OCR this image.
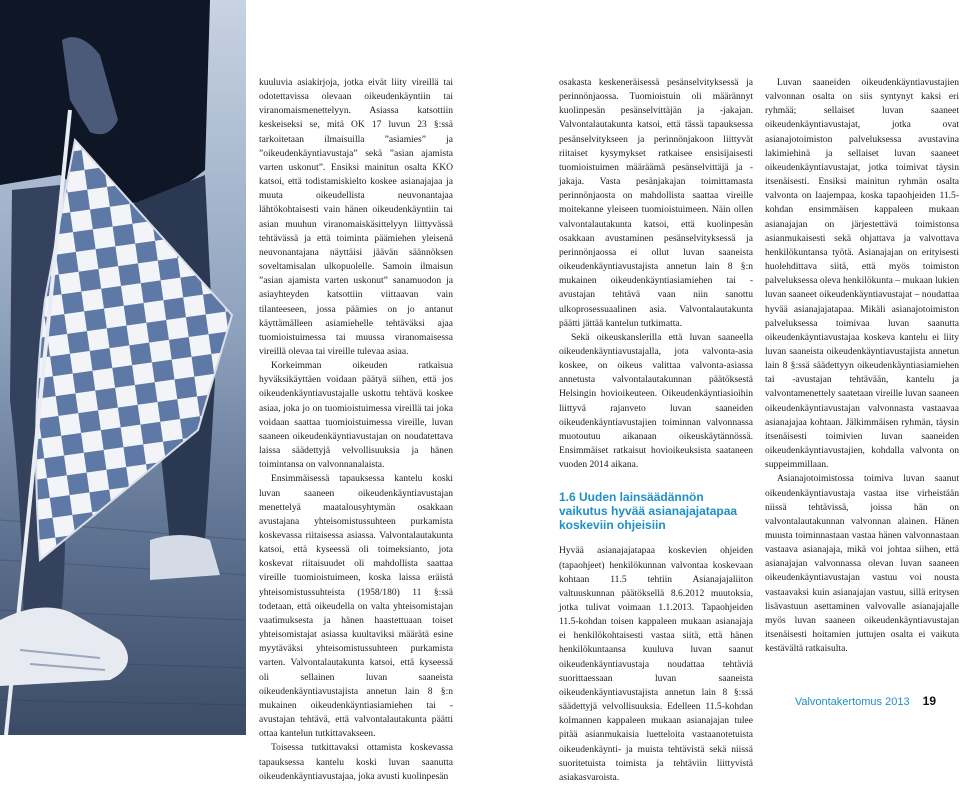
kuuluvia asiakirjoja, jotka eivät liity vireillä tai odotettavissa olevaan oikeudenkäyntiin tai viranomaismenettelyyn. Asiassa katsottiin keskeiseksi se, mitä OK 17 luvun 23 §:ssä tarkoitetaan ilmaisuilla ”asiamies” ja ”oikeudenkäyntiavustaja” sekä ”asian ajamista varten uskonut”. Ensiksi mainitun osalta KKO katsoi, että todistamiskielto koskee asianajajaa ja muuta oikeudellista neuvonantajaa lähtökohtaisesti vain hänen oikeudenkäyntiin tai asian muuhun viranomaiskäsittelyyn liittyvässä tehtävässä ja että toiminta päämiehen yleisenä neuvonantajana näyttäisi jäävän säännöksen soveltamisalan ulkopuolelle. Samoin ilmaisun ”asian ajamista varten uskonut” sanamuodon ja asiayhteyden katsottiin viittaavan vain tilanteeseen, jossa päämies on jo antanut käyttämälleen asiamiehelle tehtäväksi ajaa tuomioistuimessa tai muussa viranomaisessa vireillä olevaa tai vireille tulevaa asiaa.

Korkeimman oikeuden ratkaisua hyväksikäyttäen voidaan päätyä siihen, että jos oikeudenkäyntiavustajalle uskottu tehtävä koskee asiaa, joka jo on tuomioistuimessa vireillä tai joka voidaan saattaa tuomioistuimessa vireille, luvan saaneen oikeudenkäyntiavustajan on noudatettava laissa säädettyjä velvollisuuksia ja hänen toimintansa on valvonnanalaista.

Ensimmäisessä tapauksessa kantelu koski luvan saaneen oikeudenkäyntiavustajan menettelyä maatalousyhtymän osakkaan avustajana yhteisomistussuhteen purkamista koskevassa riitaisessa asiassa. Valvontalautakunta katsoi, että kyseessä oli toimeksianto, jota koskevat riitaisuudet oli mahdollista saattaa vireille tuomioistuimeen, koska laissa eräistä yhteisomistussuhteista (1958/180) 11 §:ssä todetaan, että oikeudella on valta yhteisomistajan vaatimuksesta ja hänen haastettuaan toiset yhteisomistajat asiassa kuultaviksi määrätä esine myytäväksi yhteisomistussuhteen purkamista varten. Valvontalautakunta katsoi, että kyseessä oli sellainen luvan saaneista oikeudenkäyntiavustajista annetun lain 8 §:n mukainen oikeudenkäyntiasiamiehen tai -avustajan tehtävä, että valvontalautakunta päätti ottaa kantelun tutkittavakseen.

Toisessa tutkittavaksi ottamista koskevassa tapauksessa kantelu koski luvan saanutta oikeudenkäyntiavustajaa, joka avusti kuolinpesän

osakasta keskeneräisessä pesänselvityksessä ja perinnönjaossa. Tuomioistuin oli määrännyt kuolinpesän pesänselvittäjän ja -jakajan. Valvontalautakunta katsoi, että tässä tapauksessa pesänselvitykseen ja perinnönjakoon liittyvät riitaiset kysymykset ratkaisee ensisijaisesti tuomioistuimen määräämä pesänselvittäjä ja -jakaja. Vasta pesänjakajan toimittamasta perinnönjaosta on mahdollista saattaa vireille moitekanne yleiseen tuomioistuimeen. Näin ollen valvontalautakunta katsoi, että kuolinpesän osakkaan avustaminen pesänselvityksessä ja perinnönjaossa ei ollut luvan saaneista oikeudenkäyntiavustajista annetun lain 8 §:n mukainen oikeudenkäyntiasiamiehen tai -avustajan tehtävä vaan niin sanottu ulkoprosessuaalinen asia. Valvontalautakunta päätti jättää kantelun tutkimatta.

Sekä oikeuskanslerilla että luvan saaneella oikeudenkäyntiavustajalla, jota valvonta-asia koskee, on oikeus valittaa valvonta-asiassa annetusta valvontalautakunnan päätöksestä Helsingin hovioikeuteen. Oikeudenkäyntiasioihin liittyvä rajanveto luvan saaneiden oikeudenkäyntiavustajien toiminnan valvonnassa muotoutuu aikanaan oikeuskäytännössä. Ensimmäiset ratkaisut hovioikeuksista saataneen vuoden 2014 aikana.

1.6 Uuden lainsäädännön vaikutus hyvää asianajajatapaa koskeviin ohjeisiin

Hyvää asianajajatapaa koskevien ohjeiden (tapaohjeet) henkilökunnan valvontaa koskevaan kohtaan 11.5 tehtiin Asianajajaliiton valtuuskunnan päätöksellä 8.6.2012 muutoksia, jotka tulivat voimaan 1.1.2013. Tapaohjeiden 11.5-kohdan toisen kappaleen mukaan asianajaja ei henkilökohtaisesti vastaa siitä, että hänen henkilökuntaansa kuuluva luvan saanut oikeudenkäyntiavustaja noudattaa tehtäviä suorittaessaan luvan saaneista oikeudenkäyntiavustajista annetun lain 8 §:ssä säädettyjä velvollisuuksia. Edelleen 11.5-kohdan kolmannen kappaleen mukaan asianajajan tulee pitää asianmukaisia luetteloita vastaanotetuista oikeudenkäynti- ja muista tehtävistä sekä niissä suoritetuista toimista ja tehtäviin liittyvistä asiakasvaroista.

Luvan saaneiden oikeudenkäyntiavustajien valvonnan osalta on siis syntynyt kaksi eri ryhmää; sellaiset luvan saaneet oikeudenkäyntiavustajat, jotka ovat asianajotoimiston palveluksessa avustavina lakimiehinä ja sellaiset luvan saaneet oikeudenkäyntiavustajat, jotka toimivat täysin itsenäisesti. Ensiksi mainitun ryhmän osalta valvonta on laajempaa, koska tapaohjeiden 11.5-kohdan ensimmäisen kappaleen mukaan asianajajan on järjestettävä toimistonsa asianmukaisesti sekä ohjattava ja valvottava henkilökuntansa työtä. Asianajajan on erityisesti huolehdittava siitä, että myös toimiston palveluksessa oleva henkilökunta – mukaan lukien luvan saaneet oikeudenkäyntiavustajat – noudattaa hyvää asianajajatapaa. Mikäli asianajotoimiston palveluksessa toimivaa luvan saanutta oikeudenkäyntiavustajaa koskeva kantelu ei liity luvan saaneista oikeudenkäyntiavustajista annetun lain 8 §:ssä säädettyyn oikeudenkäyntiasiamiehen tai -avustajan tehtävään, kantelu ja valvontamenettely saatetaan vireille luvan saaneen oikeudenkäyntiavustajan valvonnasta vastaavaa asianajajaa kohtaan. Jälkimmäisen ryhmän, täysin itsenäisesti toimivien luvan saaneiden oikeudenkäyntiavustajien, kohdalla valvonta on suppeimmillaan.

Asianajotoimistossa toimiva luvan saanut oikeudenkäyntiavustaja vastaa itse virheistään niissä tehtävissä, joissa hän on valvontalautakunnan valvonnan alainen. Hänen muusta toiminnastaan vastaa hänen valvonnastaan vastaava asianajaja, mikä voi johtaa siihen, että asianajajan valvonnassa olevan luvan saaneen oikeudenkäyntiavustajan vastuu voi nousta vastaavaksi kuin asianajajan vastuu, sillä eritysen lisävastuun asettaminen valvovalle asianajajalle myös luvan saaneen oikeudenkäyntiavustajan itsenäisesti hoitamien juttujen osalta ei vaikuta kestävältä ratkaisulta.

Valvontakertomus 2013 19
